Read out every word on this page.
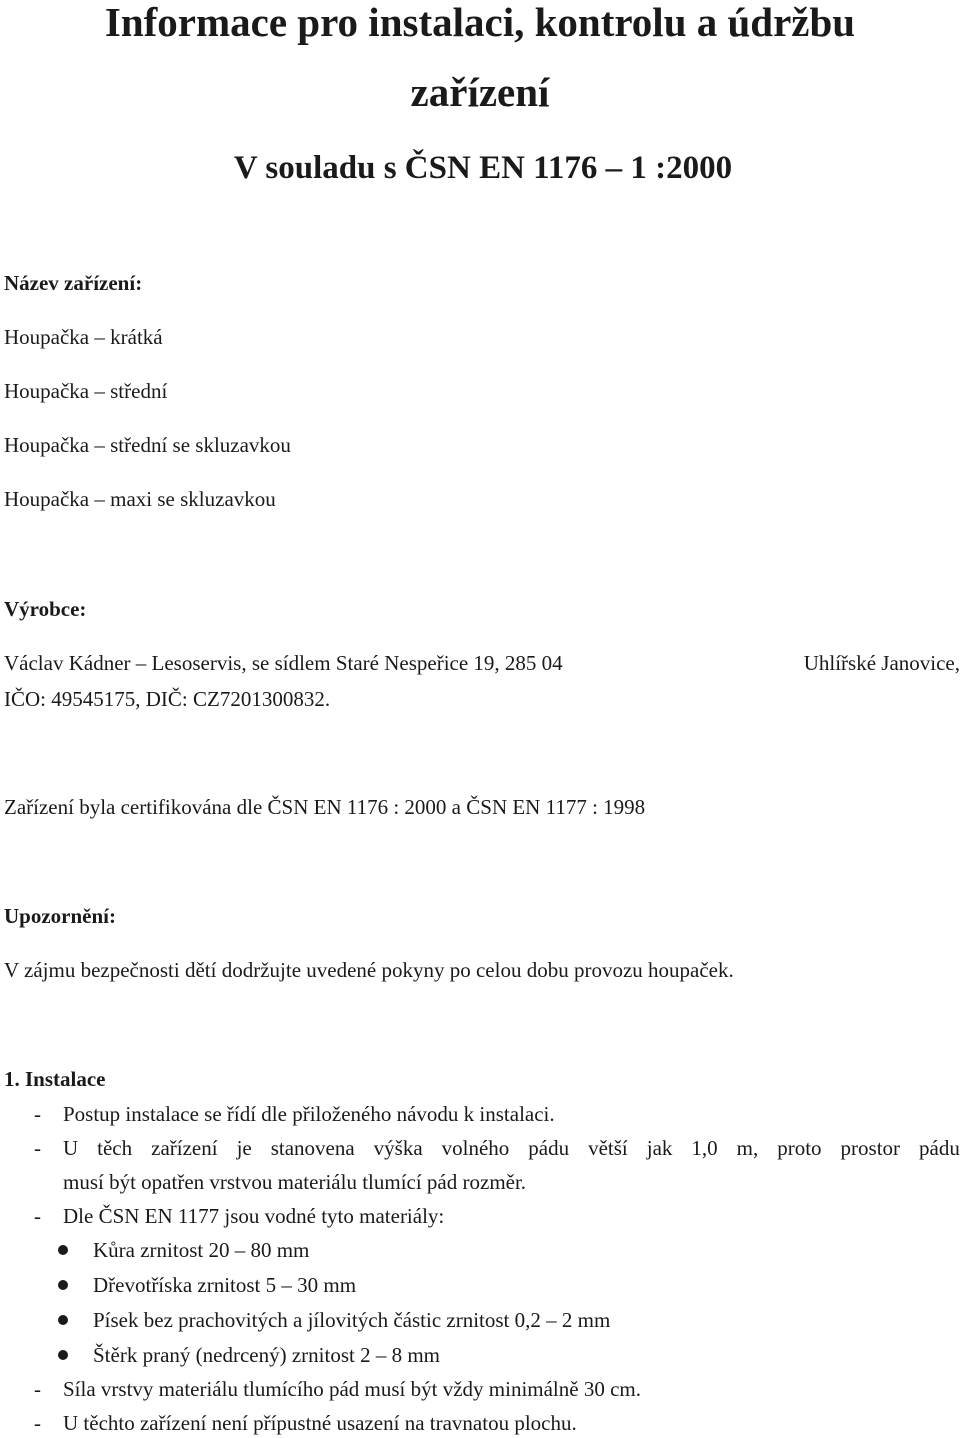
Informace pro instalaci, kontrolu a údržbu
zařízení
V souladu s ČSN EN 1176 – 1 :2000
Název zařízení:
Houpačka – krátká
Houpačka – střední
Houpačka – střední se skluzavkou
Houpačka – maxi se skluzavkou
Výrobce:
Václav Kádner – Lesoservis, se sídlem Staré Nespeřice 19, 285 04	Uhlířské Janovice,
IČO: 49545175, DIČ: CZ7201300832.
Zařízení byla certifikována dle ČSN EN 1176 : 2000 a ČSN EN 1177 : 1998
Upozornění:
V zájmu bezpečnosti dětí dodržujte uvedené pokyny po celou dobu provozu houpaček.
1. Instalace
- Postup instalace se řídí dle přiloženého návodu k instalaci.
- U těch zařízení je stanovena výška volného pádu větší jak 1,0 m, proto prostor pádu
musí být opatřen vrstvou materiálu tlumící pád rozměr.
- Dle ČSN EN 1177 jsou vodné tyto materiály:
Kůra zrnitost 20 – 80 mm
Dřevotříska zrnitost 5 – 30 mm
Písek bez prachovitých a jílovitých částic zrnitost 0,2 – 2 mm
Štěrk praný (nedrcený) zrnitost 2 – 8 mm
- Síla vrstvy materiálu tlumícího pád musí být vždy minimálně 30 cm.
- U těchto zařízení není přípustné usazení na travnatou plochu.
